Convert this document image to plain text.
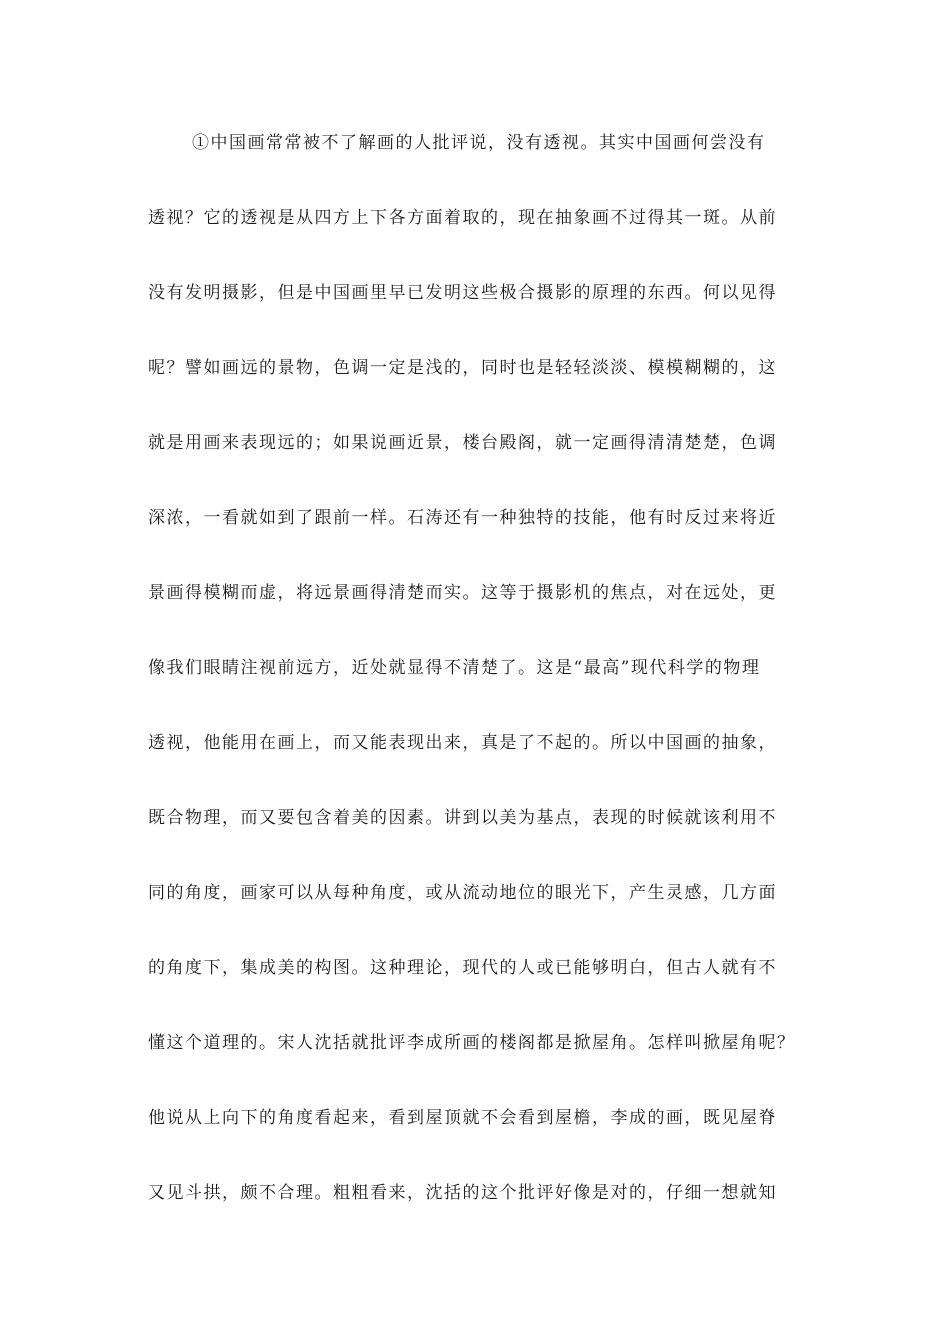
①中国画常常被不了解画的人批评说，没有透视。其实中国画何尝没有
透视？它的透视是从四方上下各方面着取的，现在抽象画不过得其一斑。从前
没有发明摄影，但是中国画里早已发明这些极合摄影的原理的东西。何以见得
呢？譬如画远的景物，色调一定是浅的，同时也是轻轻淡淡、模模糊糊的，这
就是用画来表现远的；如果说画近景，楼台殿阁，就一定画得清清楚楚，色调
深浓，一看就如到了跟前一样。石涛还有一种独特的技能，他有时反过来将近
景画得模糊而虚，将远景画得清楚而实。这等于摄影机的焦点，对在远处，更
像我们眼睛注视前远方，近处就显得不清楚了。这是“最高”现代科学的物理
透视，他能用在画上，而又能表现出来，真是了不起的。所以中国画的抽象，
既合物理，而又要包含着美的因素。讲到以美为基点，表现的时候就该利用不
同的角度，画家可以从每种角度，或从流动地位的眼光下，产生灵感，几方面
的角度下，集成美的构图。这种理论，现代的人或已能够明白，但古人就有不
懂这个道理的。宋人沈括就批评李成所画的楼阁都是掀屋角。怎样叫掀屋角呢？
他说从上向下的角度看起来，看到屋顶就不会看到屋檐，李成的画，既见屋脊
又见斗拱，颇不合理。粗粗看来，沈括的这个批评好像是对的，仔细一想就知
